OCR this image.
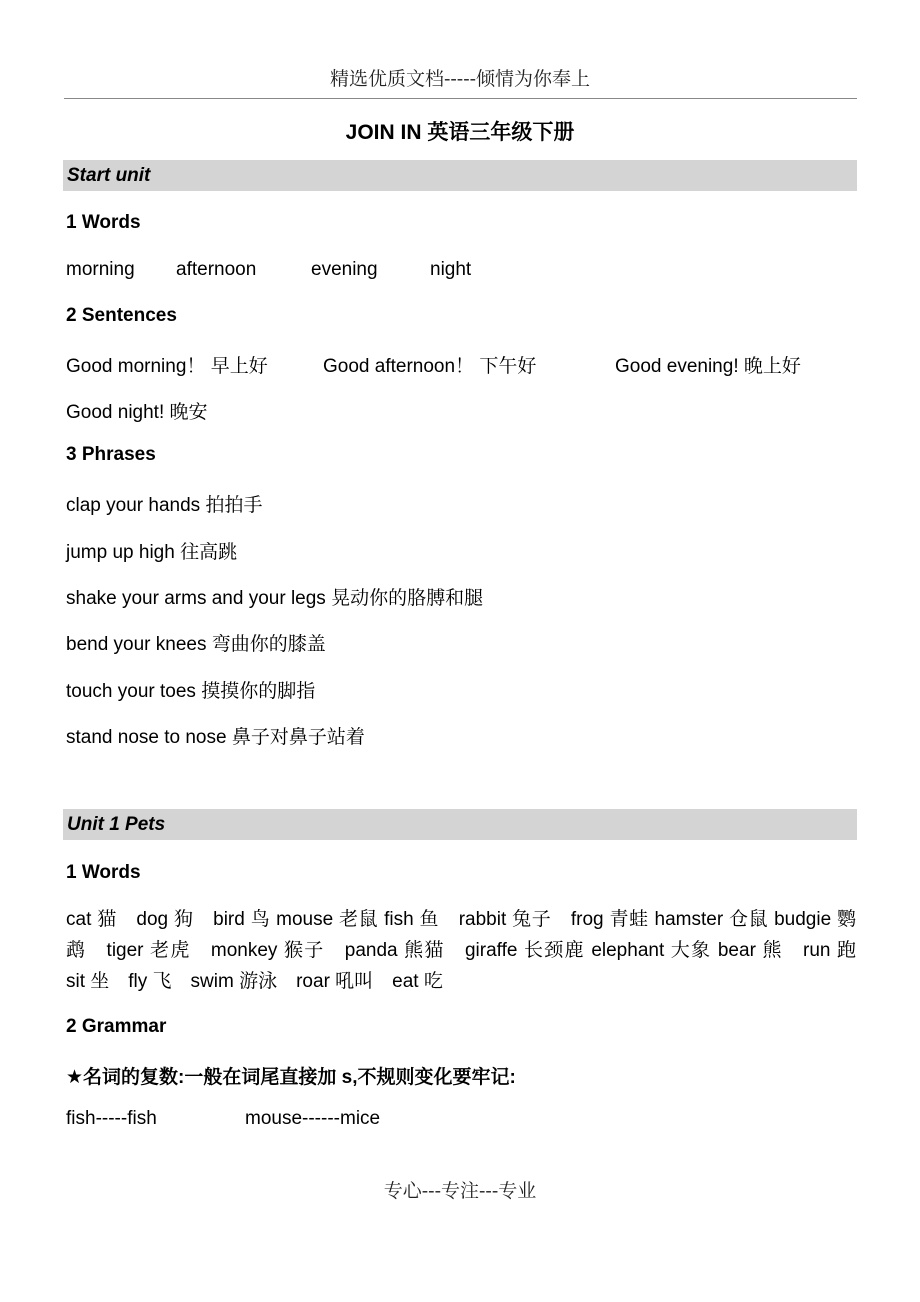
精选优质文档-----倾情为你奉上
JOIN IN 英语三年级下册
Start unit
1 Words
morning afternoon	evening	night
2 Sentences
Good morning！ 早上好	Good afternoon！ 下午好	Good evening! 晚上好
Good night! 晚安
3 Phrases
clap your hands 拍拍手
jump up high 往高跳
shake your arms and your legs 晃动你的胳膊和腿
bend your knees 弯曲你的膝盖
touch your toes 摸摸你的脚指
stand nose to nose 鼻子对鼻子站着
Unit 1 Pets
1 Words
cat 猫　dog 狗　bird 鸟 mouse 老鼠 fish 鱼　rabbit 兔子　frog 青蛙 hamster 仓鼠 budgie 鹦鹉　tiger 老虎　monkey 猴子　panda 熊猫　giraffe 长颈鹿 elephant 大象 bear 熊　run 跑　sit 坐　fly 飞　swim 游泳　roar 吼叫　eat 吃
2 Grammar
★名词的复数:一般在词尾直接加 s,不规则变化要牢记:
fish-----fish	mouse------mice
专心---专注---专业
